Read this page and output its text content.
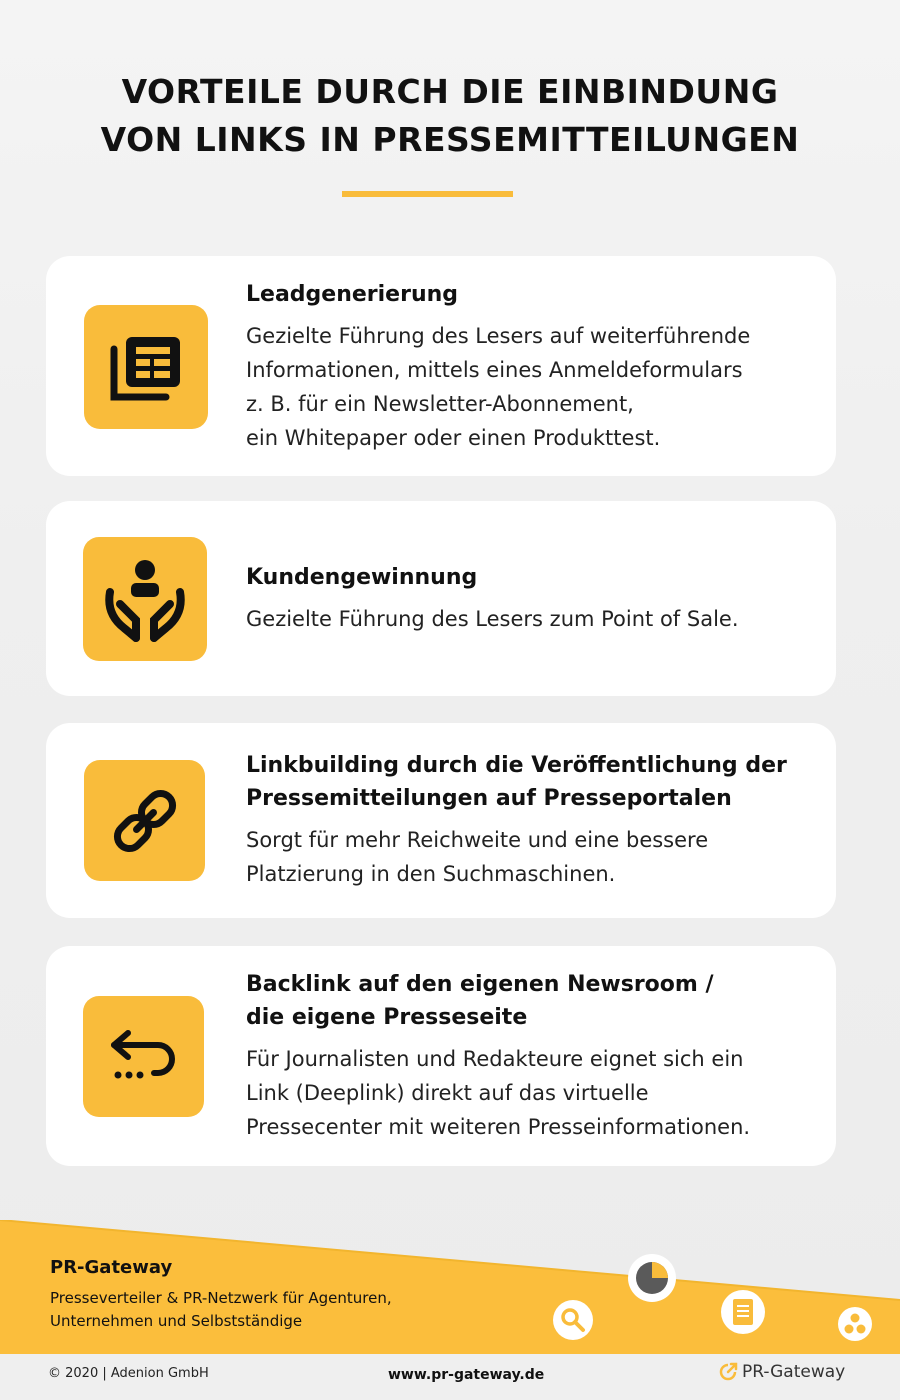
VORTEILE DURCH DIE EINBINDUNG
VON LINKS IN PRESSEMITTEILUNGEN

Leadgenerierung

Gezielte Führung des Lesers auf weiterführende
Informationen, mittels eines Anmeldeformulars
z. B. für ein Newsletter-Abonnement,
ein Whitepaper oder einen Produkttest.

Kundengewinnung

Gezielte Führung des Lesers zum Point of Sale.

Linkbuilding durch die Veröffentlichung der
Pressemitteilungen auf Presseportalen

Sorgt für mehr Reichweite und eine bessere
Platzierung in den Suchmaschinen.

Backlink auf den eigenen Newsroom /
die eigene Presseseite

Für Journalisten und Redakteure eignet sich ein
Link (Deeplink) direkt auf das virtuelle
Pressecenter mit weiteren Presseinformationen.

PR-Gateway
Presseverteiler & PR-Netzwerk für Agenturen,
Unternehmen und Selbstständige
© 2020 | Adenion GmbH	www.pr-gateway.de	PR-Gateway
